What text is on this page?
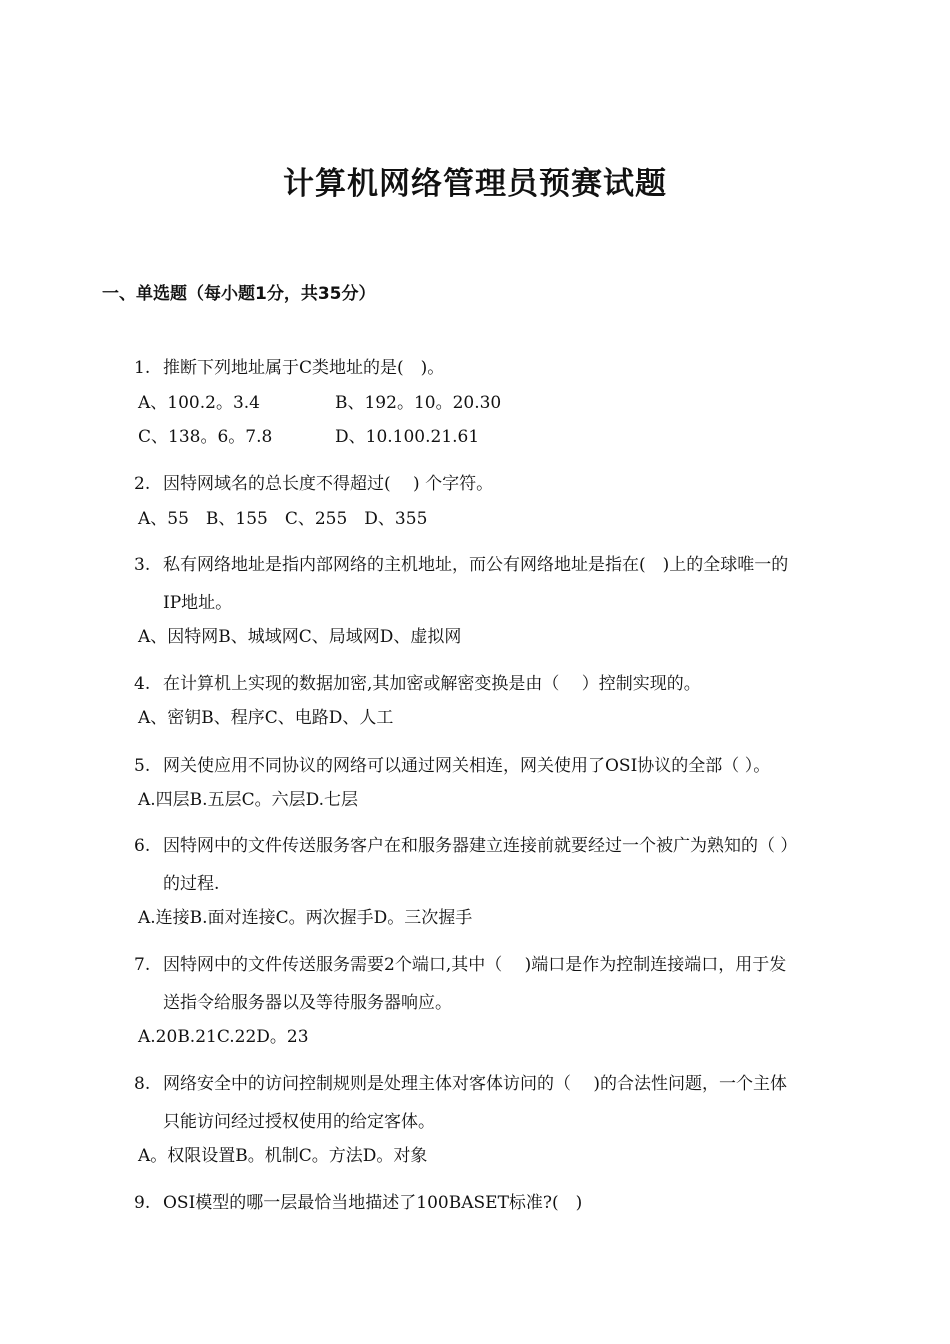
计算机网络管理员预赛试题
一、单选题（每小题1分，共35分）
1. 推断下列地址属于C类地址的是(　)。
A、100.2。3.4	B、192。10。20.30
C、138。6。7.8	D、10.100.21.61
2. 因特网域名的总长度不得超过(　 ) 个字符。
A、55　B、155　C、255　D、355
3. 私有网络地址是指内部网络的主机地址，而公有网络地址是指在(　)上的全球唯一的
IP地址。
A、因特网B、城域网C、局域网D、虚拟网
4. 在计算机上实现的数据加密,其加密或解密变换是由（　 ）控制实现的。
A、密钥B、程序C、电路D、人工
5. 网关使应用不同协议的网络可以通过网关相连，网关使用了OSI协议的全部（ ）。
A.四层B.五层C。六层D.七层
6. 因特网中的文件传送服务客户在和服务器建立连接前就要经过一个被广为熟知的（ ）
的过程.
A.连接B.面对连接C。两次握手D。三次握手
7. 因特网中的文件传送服务需要2个端口,其中（　 )端口是作为控制连接端口，用于发
送指令给服务器以及等待服务器响应。
A.20B.21C.22D。23
8. 网络安全中的访问控制规则是处理主体对客体访问的（　 )的合法性问题，一个主体
只能访问经过授权使用的给定客体。
A。权限设置B。机制C。方法D。对象
9. OSI模型的哪一层最恰当地描述了100BASET标准?(　)
